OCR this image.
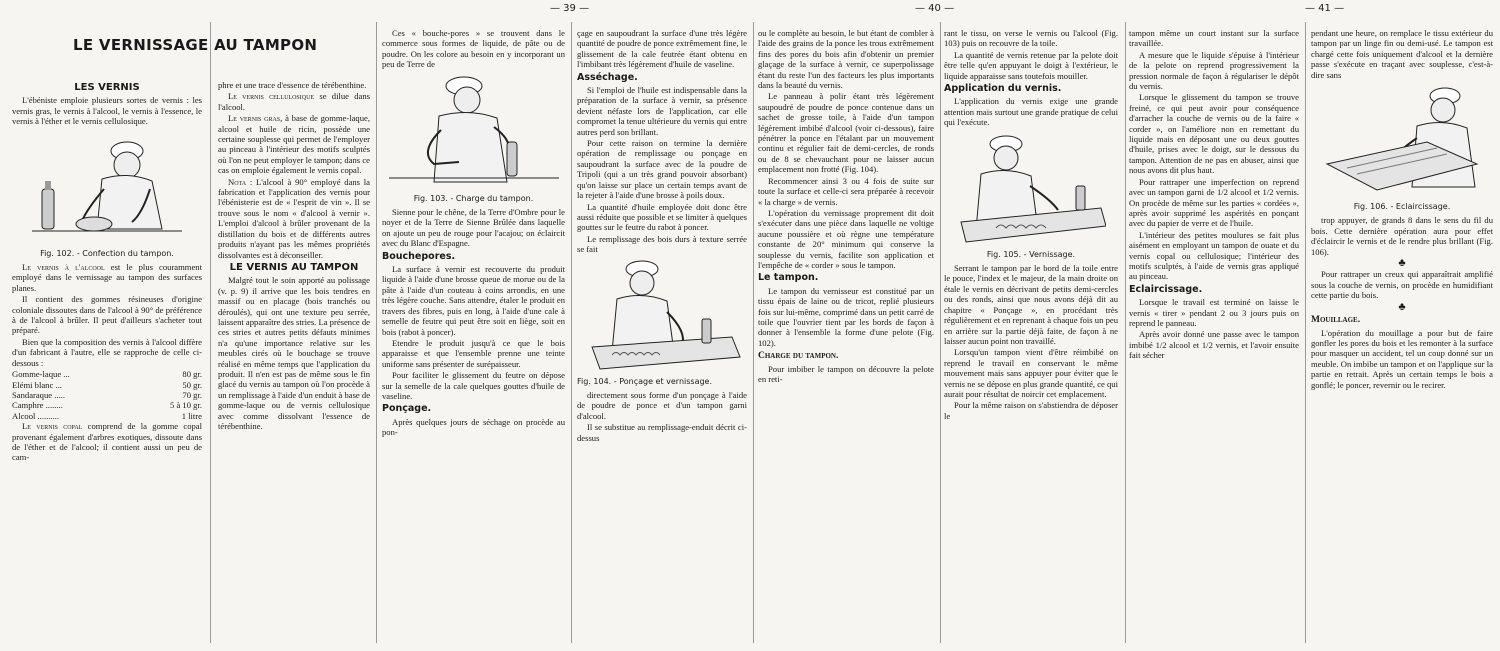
— 39 —	— 40 —	— 41 —
LE VERNISSAGE AU TAMPON
LES VERNIS

L'ébéniste emploie plusieurs sortes de vernis : les vernis gras, le vernis à l'alcool, le vernis à l'essence, le vernis à l'éther et le vernis cellulosique.

Fig. 102. - Confection du tampon.

Le vernis à l'alcool est le plus couramment employé dans le vernissage au tampon des surfaces planes.

Il contient des gommes résineuses d'origine coloniale dissoutes dans de l'alcool à 90° de préférence à de l'alcool à brûler. Il peut d'ailleurs s'acheter tout préparé.

Bien que la composition des vernis à l'alcool diffère d'un fabricant à l'autre, elle se rapproche de celle ci-dessous :

Gomme-laque ...	80 gr.
Elémi blanc ...	50 gr.
Sandaraque .....	70 gr.
Camphre ........	5 à 10 gr.
Alcool ..........	1 litre

Le vernis copal comprend de la gomme copal provenant également d'arbres exotiques, dissoute dans de l'éther et de l'alcool; il contient aussi un peu de cam-

phre et une trace d'essence de térébenthine.

Le vernis cellulosique se dilue dans l'alcool.

Le vernis gras, à base de gomme-laque, alcool et huile de ricin, possède une certaine souplesse qui permet de l'employer au pinceau à l'intérieur des motifs sculptés où l'on ne peut employer le tampon; dans ce cas on emploie également le vernis copal.

Nota : L'alcool à 90° employé dans la fabrication et l'application des vernis pour l'ébénisterie est de « l'esprit de vin ». Il se trouve sous le nom « d'alcool à vernir ». L'emploi d'alcool à brûler provenant de la distillation du bois et de différents autres produits n'ayant pas les mêmes propriétés dissolvantes est à déconseiller.

LE VERNIS AU TAMPON

Malgré tout le soin apporté au polissage (v. p. 9) il arrive que les bois tendres en massif ou en placage (bois tranchés ou déroulés), qui ont une texture peu serrée, laissent apparaître des stries. La présence de ces stries et autres petits défauts minimes n'a qu'une importance relative sur les meubles cirés où le bouchage se trouve réalisé en même temps que l'application du produit. Il n'en est pas de même sous le fin glacé du vernis au tampon où l'on procède à un remplissage à l'aide d'un enduit à base de gomme-laque ou de vernis cellulosique avec comme dissolvant l'essence de térébenthine.

Ces « bouche-pores » se trouvent dans le commerce sous formes de liquide, de pâte ou de poudre. On les colore au besoin en y incorporant un peu de Terre de

Fig. 103. - Charge du tampon.

Sienne pour le chêne, de la Terre d'Ombre pour le noyer et de la Terre de Sienne Brûlée dans laquelle on ajoute un peu de rouge pour l'acajou; on éclaircit avec du Blanc d'Espagne.

Bouchepores.

La surface à vernir est recouverte du produit liquide à l'aide d'une brosse queue de morue ou de la pâte à l'aide d'un couteau à coins arrondis, en une très légère couche. Sans attendre, étaler le produit en travers des fibres, puis en long, à l'aide d'une cale à semelle de feutre qui peut être soit en liège, soit en bois (rabot à poncer).

Etendre le produit jusqu'à ce que le bois apparaisse et que l'ensemble prenne une teinte uniforme sans présenter de surépaisseur.

Pour faciliter le glissement du feutre on dépose sur la semelle de la cale quelques gouttes d'huile de vaseline.

Ponçage.

Après quelques jours de séchage on procède au pon-

çage en saupoudrant la surface d'une très légère quantité de poudre de ponce extrêmement fine, le glissement de la cale feutrée étant obtenu en l'imbibant très légèrement d'huile de vaseline.

Asséchage.

Si l'emploi de l'huile est indispensable dans la préparation de la surface à vernir, sa présence devient néfaste lors de l'application, car elle compromet la tenue ultérieure du vernis qui entre autres perd son brillant.

Pour cette raison on termine la dernière opération de remplissage ou ponçage en saupoudrant la surface avec de la poudre de Tripoli (qui a un très grand pouvoir absorbant) qu'on laisse sur place un certain temps avant de la rejeter à l'aide d'une brosse à poils doux.

La quantité d'huile employée doit donc être aussi réduite que possible et se limiter à quelques gouttes sur le feutre du rabot à poncer.

Le remplissage des bois durs à texture serrée se fait

Fig. 104. - Ponçage et vernissage.

directement sous forme d'un ponçage à l'aide de poudre de ponce et d'un tampon garni d'alcool.

Il se substitue au remplissage-enduit décrit ci-dessus

ou le complète au besoin, le but étant de combler à l'aide des grains de la ponce les trous extrêmement fins des pores du bois afin d'obtenir un premier glaçage de la surface à vernir, ce superpolissage étant du reste l'un des facteurs les plus importants dans la beauté du vernis.

Le panneau à polir étant très légèrement saupoudré de poudre de ponce contenue dans un sachet de grosse toile, à l'aide d'un tampon légèrement imbibé d'alcool (voir ci-dessous), faire pénétrer la ponce en l'étalant par un mouvement continu et régulier fait de demi-cercles, de ronds ou de 8 se chevauchant pour ne laisser aucun emplacement non frotté (Fig. 104).

Recommencer ainsi 3 ou 4 fois de suite sur toute la surface et celle-ci sera préparée à recevoir « la charge » de vernis.

L'opération du vernissage proprement dit doit s'exécuter dans une pièce dans laquelle ne voltige aucune poussière et où règne une température constante de 20° minimum qui conserve la souplesse du vernis, facilite son application et l'empêche de « corder » sous le tampon.

Le tampon.

Le tampon du vernisseur est constitué par un tissu épais de laine ou de tricot, replié plusieurs fois sur lui-même, comprimé dans un petit carré de toile que l'ouvrier tient par les bords de façon à donner à l'ensemble la forme d'une pelote (Fig. 102).

Charge du tampon.

Pour imbiber le tampon on découvre la pelote en reti-

rant le tissu, on verse le vernis ou l'alcool (Fig. 103) puis on recouvre de la toile.

La quantité de vernis retenue par la pelote doit être telle qu'en appuyant le doigt à l'extérieur, le liquide apparaisse sans toutefois mouiller.

Application du vernis.

L'application du vernis exige une grande attention mais surtout une grande pratique de celui qui l'exécute.

Fig. 105. - Vernissage.

Serrant le tampon par le bord de la toile entre le pouce, l'index et le majeur, de la main droite on étale le vernis en décrivant de petits demi-cercles ou des ronds, ainsi que nous avons déjà dit au chapitre « Ponçage », en procédant très régulièrement et en reprenant à chaque fois un peu en arrière sur la partie déjà faite, de façon à ne laisser aucun point non travaillé.

Lorsqu'un tampon vient d'être réimbibé on reprend le travail en conservant le même mouvement mais sans appuyer pour éviter que le vernis ne se dépose en plus grande quantité, ce qui aurait pour résultat de noircir cet emplacement.

Pour la même raison on s'abstiendra de déposer le

tampon même un court instant sur la surface travaillée.

A mesure que le liquide s'épuise à l'intérieur de la pelote on reprend progressivement la pression normale de façon à régulariser le dépôt du vernis.

Lorsque le glissement du tampon se trouve freiné, ce qui peut avoir pour conséquence d'arracher la couche de vernis ou de la faire « corder », on l'améliore non en remettant du liquide mais en déposant une ou deux gouttes d'huile, prises avec le doigt, sur le dessous du tampon. Attention de ne pas en abuser, ainsi que nous avons dit plus haut.

Pour rattraper une imperfection on reprend avec un tampon garni de 1/2 alcool et 1/2 vernis. On procède de même sur les parties « cordées », après avoir supprimé les aspérités en ponçant avec du papier de verre et de l'huile.

L'intérieur des petites moulures se fait plus aisément en employant un tampon de ouate et du vernis copal ou cellulosique; l'intérieur des motifs sculptés, à l'aide de vernis gras appliqué au pinceau.

Eclaircissage.

Lorsque le travail est terminé on laisse le vernis « tirer » pendant 2 ou 3 jours puis on reprend le panneau.

Après avoir donné une passe avec le tampon imbibé 1/2 alcool et 1/2 vernis, et l'avoir ensuite fait sécher

pendant une heure, on remplace le tissu extérieur du tampon par un linge fin ou demi-usé. Le tampon est chargé cette fois uniquement d'alcool et la dernière passe s'exécute en traçant avec souplesse, c'est-à-dire sans

Fig. 106. - Eclaircissage.

trop appuyer, de grands 8 dans le sens du fil du bois. Cette dernière opération aura pour effet d'éclaircir le vernis et de le rendre plus brillant (Fig. 106).

♣

Pour rattraper un creux qui apparaîtrait amplifié sous la couche de vernis, on procède en humidifiant cette partie du bois.

♣
Mouillage.

L'opération du mouillage a pour but de faire gonfler les pores du bois et les remonter à la surface pour masquer un accident, tel un coup donné sur un meuble. On imbibe un tampon et on l'applique sur la partie en retrait. Après un certain temps le bois a gonflé; le poncer, revernir ou le recirer.
